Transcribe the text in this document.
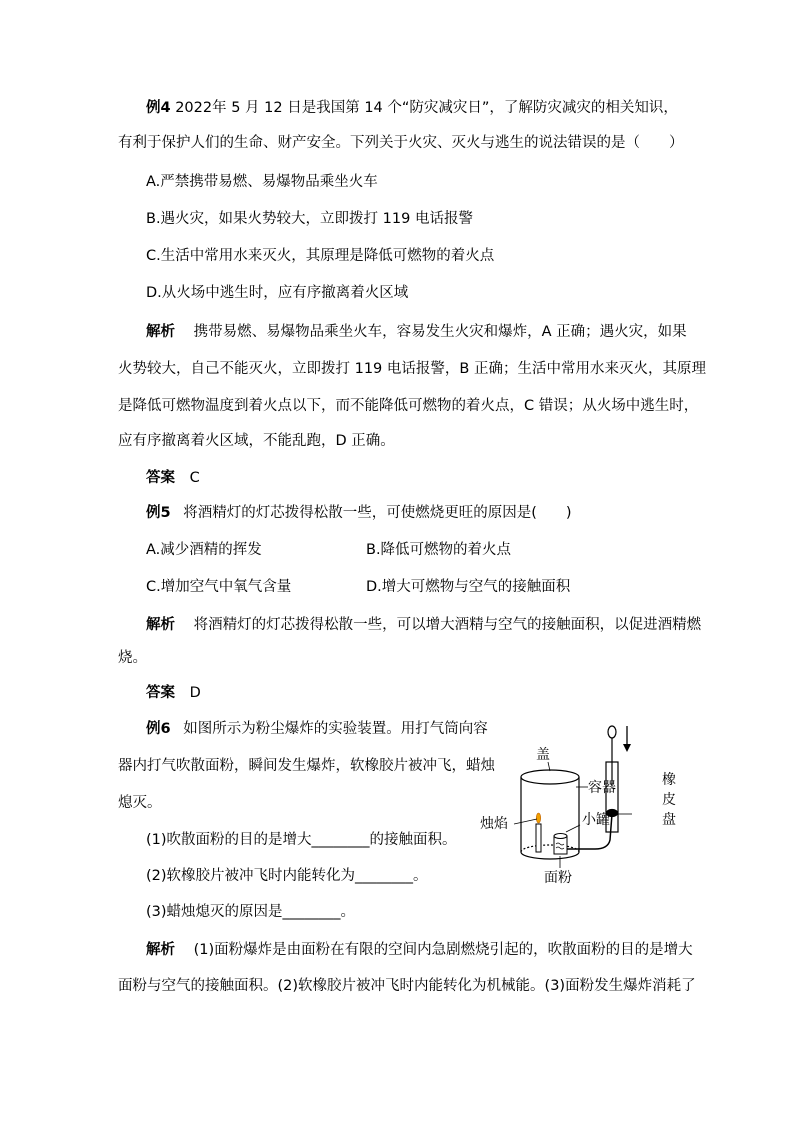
例4 2022年 5 月 12 日是我国第 14 个“防灾减灾日”，了解防灾减灾的相关知识，
有利于保护人们的生命、财产安全。下列关于火灾、灭火与逃生的说法错误的是（　　）
A.严禁携带易燃、易爆物品乘坐火车
B.遇火灾，如果火势较大，立即拨打 119 电话报警
C.生活中常用水来灭火，其原理是降低可燃物的着火点
D.从火场中逃生时，应有序撤离着火区域
解析 携带易燃、易爆物品乘坐火车，容易发生火灾和爆炸，A 正确；遇火灾，如果
火势较大，自己不能灭火，立即拨打 119 电话报警，B 正确；生活中常用水来灭火，其原理
是降低可燃物温度到着火点以下，而不能降低可燃物的着火点，C 错误；从火场中逃生时，
应有序撤离着火区域，不能乱跑，D 正确。
答案 C
例5 将酒精灯的灯芯拨得松散一些，可使燃烧更旺的原因是(　　)
A.减少酒精的挥发	B.降低可燃物的着火点
C.增加空气中氧气含量	D.增大可燃物与空气的接触面积
解析 将酒精灯的灯芯拨得松散一些，可以增大酒精与空气的接触面积，以促进酒精燃
烧。
答案 D
例6 如图所示为粉尘爆炸的实验装置。用打气筒向容
器内打气吹散面粉，瞬间发生爆炸，软橡胶片被冲飞，蜡烛
熄灭。
(1)吹散面粉的目的是增大________的接触面积。
(2)软橡胶片被冲飞时内能转化为________。
(3)蜡烛熄灭的原因是________。
解析 (1)面粉爆炸是由面粉在有限的空间内急剧燃烧引起的，吹散面粉的目的是增大
面粉与空气的接触面积。(2)软橡胶片被冲飞时内能转化为机械能。(3)面粉发生爆炸消耗了
盖
烛焰
容器
小罐
面粉
橡
皮
盘
